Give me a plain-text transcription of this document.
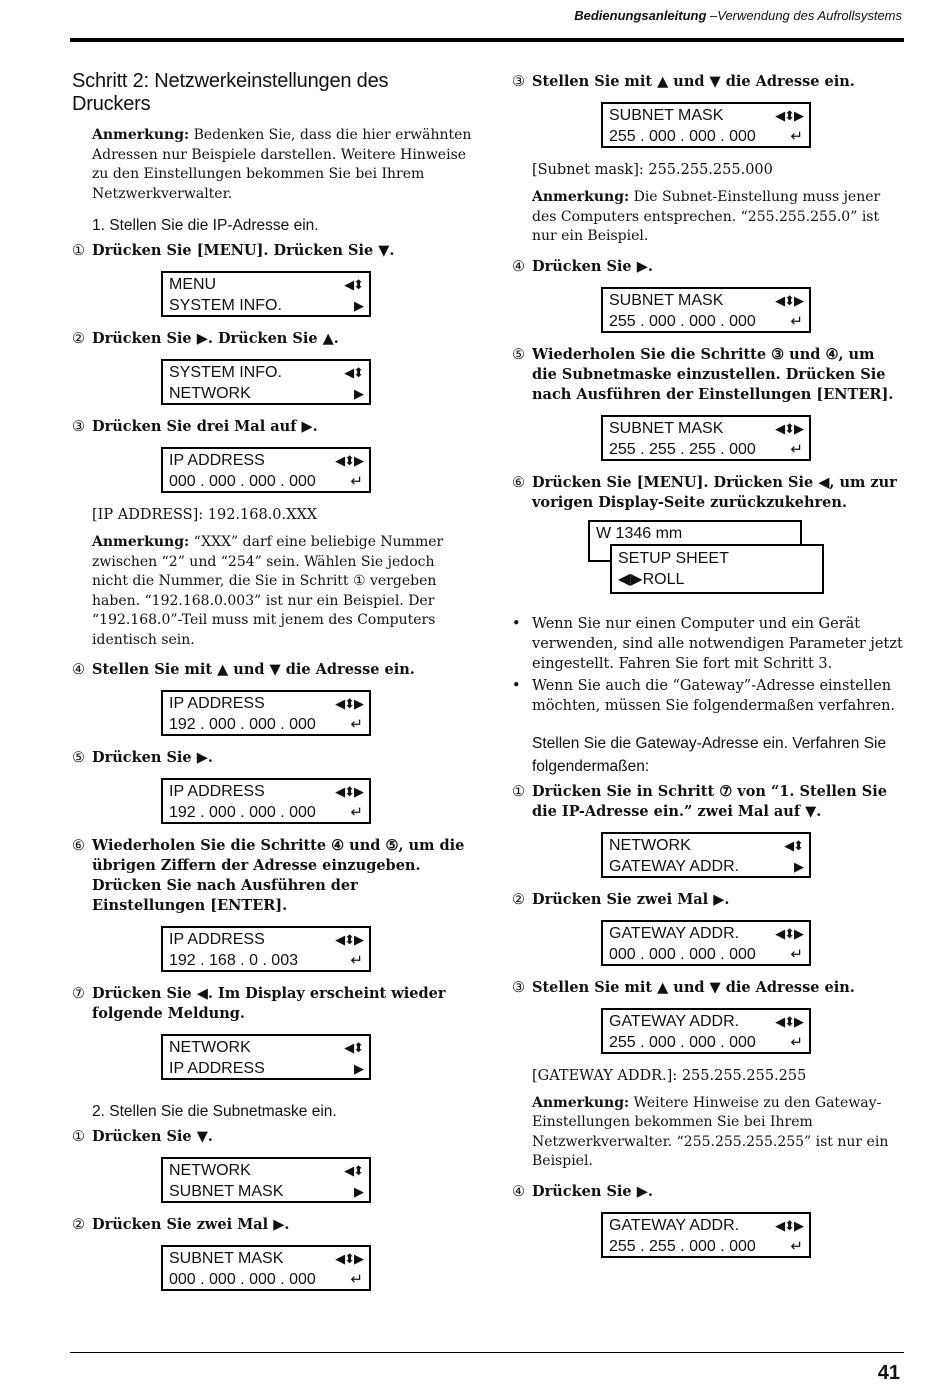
Bedienungsanleitung –Verwendung des Aufrollsystems
Schritt 2: Netzwerkeinstellungen des Druckers

Anmerkung: Bedenken Sie, dass die hier erwähnten Adressen nur Beispiele darstellen. Weitere Hinweise zu den Einstellungen bekommen Sie bei Ihrem Netzwerkverwalter.

1. Stellen Sie die IP-Adresse ein.
① Drücken Sie [MENU]. Drücken Sie ▼.
MENU	◀⬍
SYSTEM INFO.	▶
② Drücken Sie ▶. Drücken Sie ▲.
SYSTEM INFO.	◀⬍
NETWORK	▶
③ Drücken Sie drei Mal auf ▶.
IP ADDRESS	◀⬍▶
000 . 000 . 000 . 000 ↵

[IP ADDRESS]: 192.168.0.XXX

Anmerkung: “XXX” darf eine beliebige Nummer zwischen “2” und “254” sein. Wählen Sie jedoch nicht die Nummer, die Sie in Schritt ① vergeben haben. “192.168.0.003” ist nur ein Beispiel. Der “192.168.0”-Teil muss mit jenem des Computers identisch sein.

④ Stellen Sie mit ▲ und ▼ die Adresse ein.
IP ADDRESS	◀⬍▶
192 . 000 . 000 . 000 ↵
⑤ Drücken Sie ▶.
IP ADDRESS	◀⬍▶
192 . 000 . 000 . 000 ↵
⑥ Wiederholen Sie die Schritte ④ und ⑤, um die übrigen Ziffern der Adresse einzugeben. Drücken Sie nach Ausführen der Einstellungen [ENTER].
IP ADDRESS	◀⬍▶
192 . 168 . 0 . 003	↵
⑦ Drücken Sie ◀. Im Display erscheint wieder folgende Meldung.
NETWORK	◀⬍
IP ADDRESS	▶
2. Stellen Sie die Subnetmaske ein.
① Drücken Sie ▼.
NETWORK	◀⬍
SUBNET MASK	▶
② Drücken Sie zwei Mal ▶.
SUBNET MASK	◀⬍▶
000 . 000 . 000 . 000 ↵
③ Stellen Sie mit ▲ und ▼ die Adresse ein.
SUBNET MASK	◀⬍▶
255 . 000 . 000 . 000 ↵

[Subnet mask]: 255.255.255.000

Anmerkung: Die Subnet-Einstellung muss jener des Computers entsprechen. “255.255.255.0” ist nur ein Beispiel.

④ Drücken Sie ▶.
SUBNET MASK	◀⬍▶
255 . 000 . 000 . 000 ↵
⑤ Wiederholen Sie die Schritte ③ und ④, um die Subnetmaske einzustellen. Drücken Sie nach Ausführen der Einstellungen [ENTER].
SUBNET MASK	◀⬍▶
255 . 255 . 255 . 000 ↵
⑥ Drücken Sie [MENU]. Drücken Sie ◀, um zur vorigen Display-Seite zurückzukehren.
W 1346 mm
SETUP SHEET
◀▶ROLL
• Wenn Sie nur einen Computer und ein Gerät verwenden, sind alle notwendigen Parameter jetzt eingestellt. Fahren Sie fort mit Schritt 3.
• Wenn Sie auch die “Gateway”-Adresse einstellen möchten, müssen Sie folgendermaßen verfahren.
Stellen Sie die Gateway-Adresse ein. Verfahren Sie folgendermaßen:
① Drücken Sie in Schritt ⑦ von “1. Stellen Sie die IP-Adresse ein.” zwei Mal auf ▼.
NETWORK	◀⬍
GATEWAY ADDR.	▶
② Drücken Sie zwei Mal ▶.
GATEWAY ADDR.	◀⬍▶
000 . 000 . 000 . 000 ↵
③ Stellen Sie mit ▲ und ▼ die Adresse ein.
GATEWAY ADDR.	◀⬍▶
255 . 000 . 000 . 000 ↵

[GATEWAY ADDR.]: 255.255.255.255

Anmerkung: Weitere Hinweise zu den Gateway-Einstellungen bekommen Sie bei Ihrem Netzwerkverwalter. “255.255.255.255” ist nur ein Beispiel.

④ Drücken Sie ▶.
GATEWAY ADDR.	◀⬍▶
255 . 255 . 000 . 000 ↵
41
